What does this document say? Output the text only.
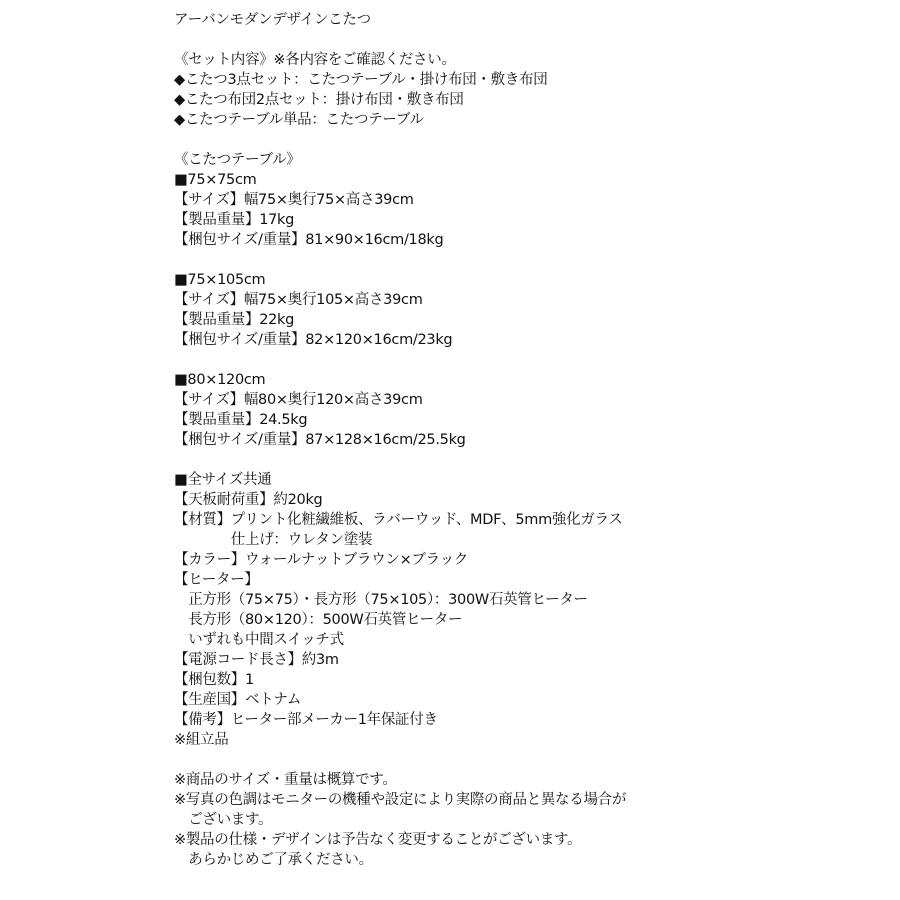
アーバンモダンデザインこたつ
《セット内容》※各内容をご確認ください。
◆こたつ3点セット：こたつテーブル・掛け布団・敷き布団
◆こたつ布団2点セット：掛け布団・敷き布団
◆こたつテーブル単品：こたつテーブル
《こたつテーブル》
■75×75cm
【サイズ】幅75×奥行75×高さ39cm
【製品重量】17kg
【梱包サイズ/重量】81×90×16cm/18kg
■75×105cm
【サイズ】幅75×奥行105×高さ39cm
【製品重量】22kg
【梱包サイズ/重量】82×120×16cm/23kg
■80×120cm
【サイズ】幅80×奥行120×高さ39cm
【製品重量】24.5kg
【梱包サイズ/重量】87×128×16cm/25.5kg
■全サイズ共通
【天板耐荷重】約20kg
【材質】プリント化粧繊維板、ラバーウッド、MDF、5mm強化ガラス
　　　　仕上げ：ウレタン塗装
【カラー】ウォールナットブラウン×ブラック
【ヒーター】
　正方形（75×75）・長方形（75×105）：300W石英管ヒーター
　長方形（80×120）：500W石英管ヒーター
　いずれも中間スイッチ式
【電源コード長さ】約3m
【梱包数】1
【生産国】ベトナム
【備考】ヒーター部メーカー1年保証付き
※組立品
※商品のサイズ・重量は概算です。
※写真の色調はモニターの機種や設定により実際の商品と異なる場合が
　ございます。
※製品の仕様・デザインは予告なく変更することがございます。
　あらかじめご了承ください。
